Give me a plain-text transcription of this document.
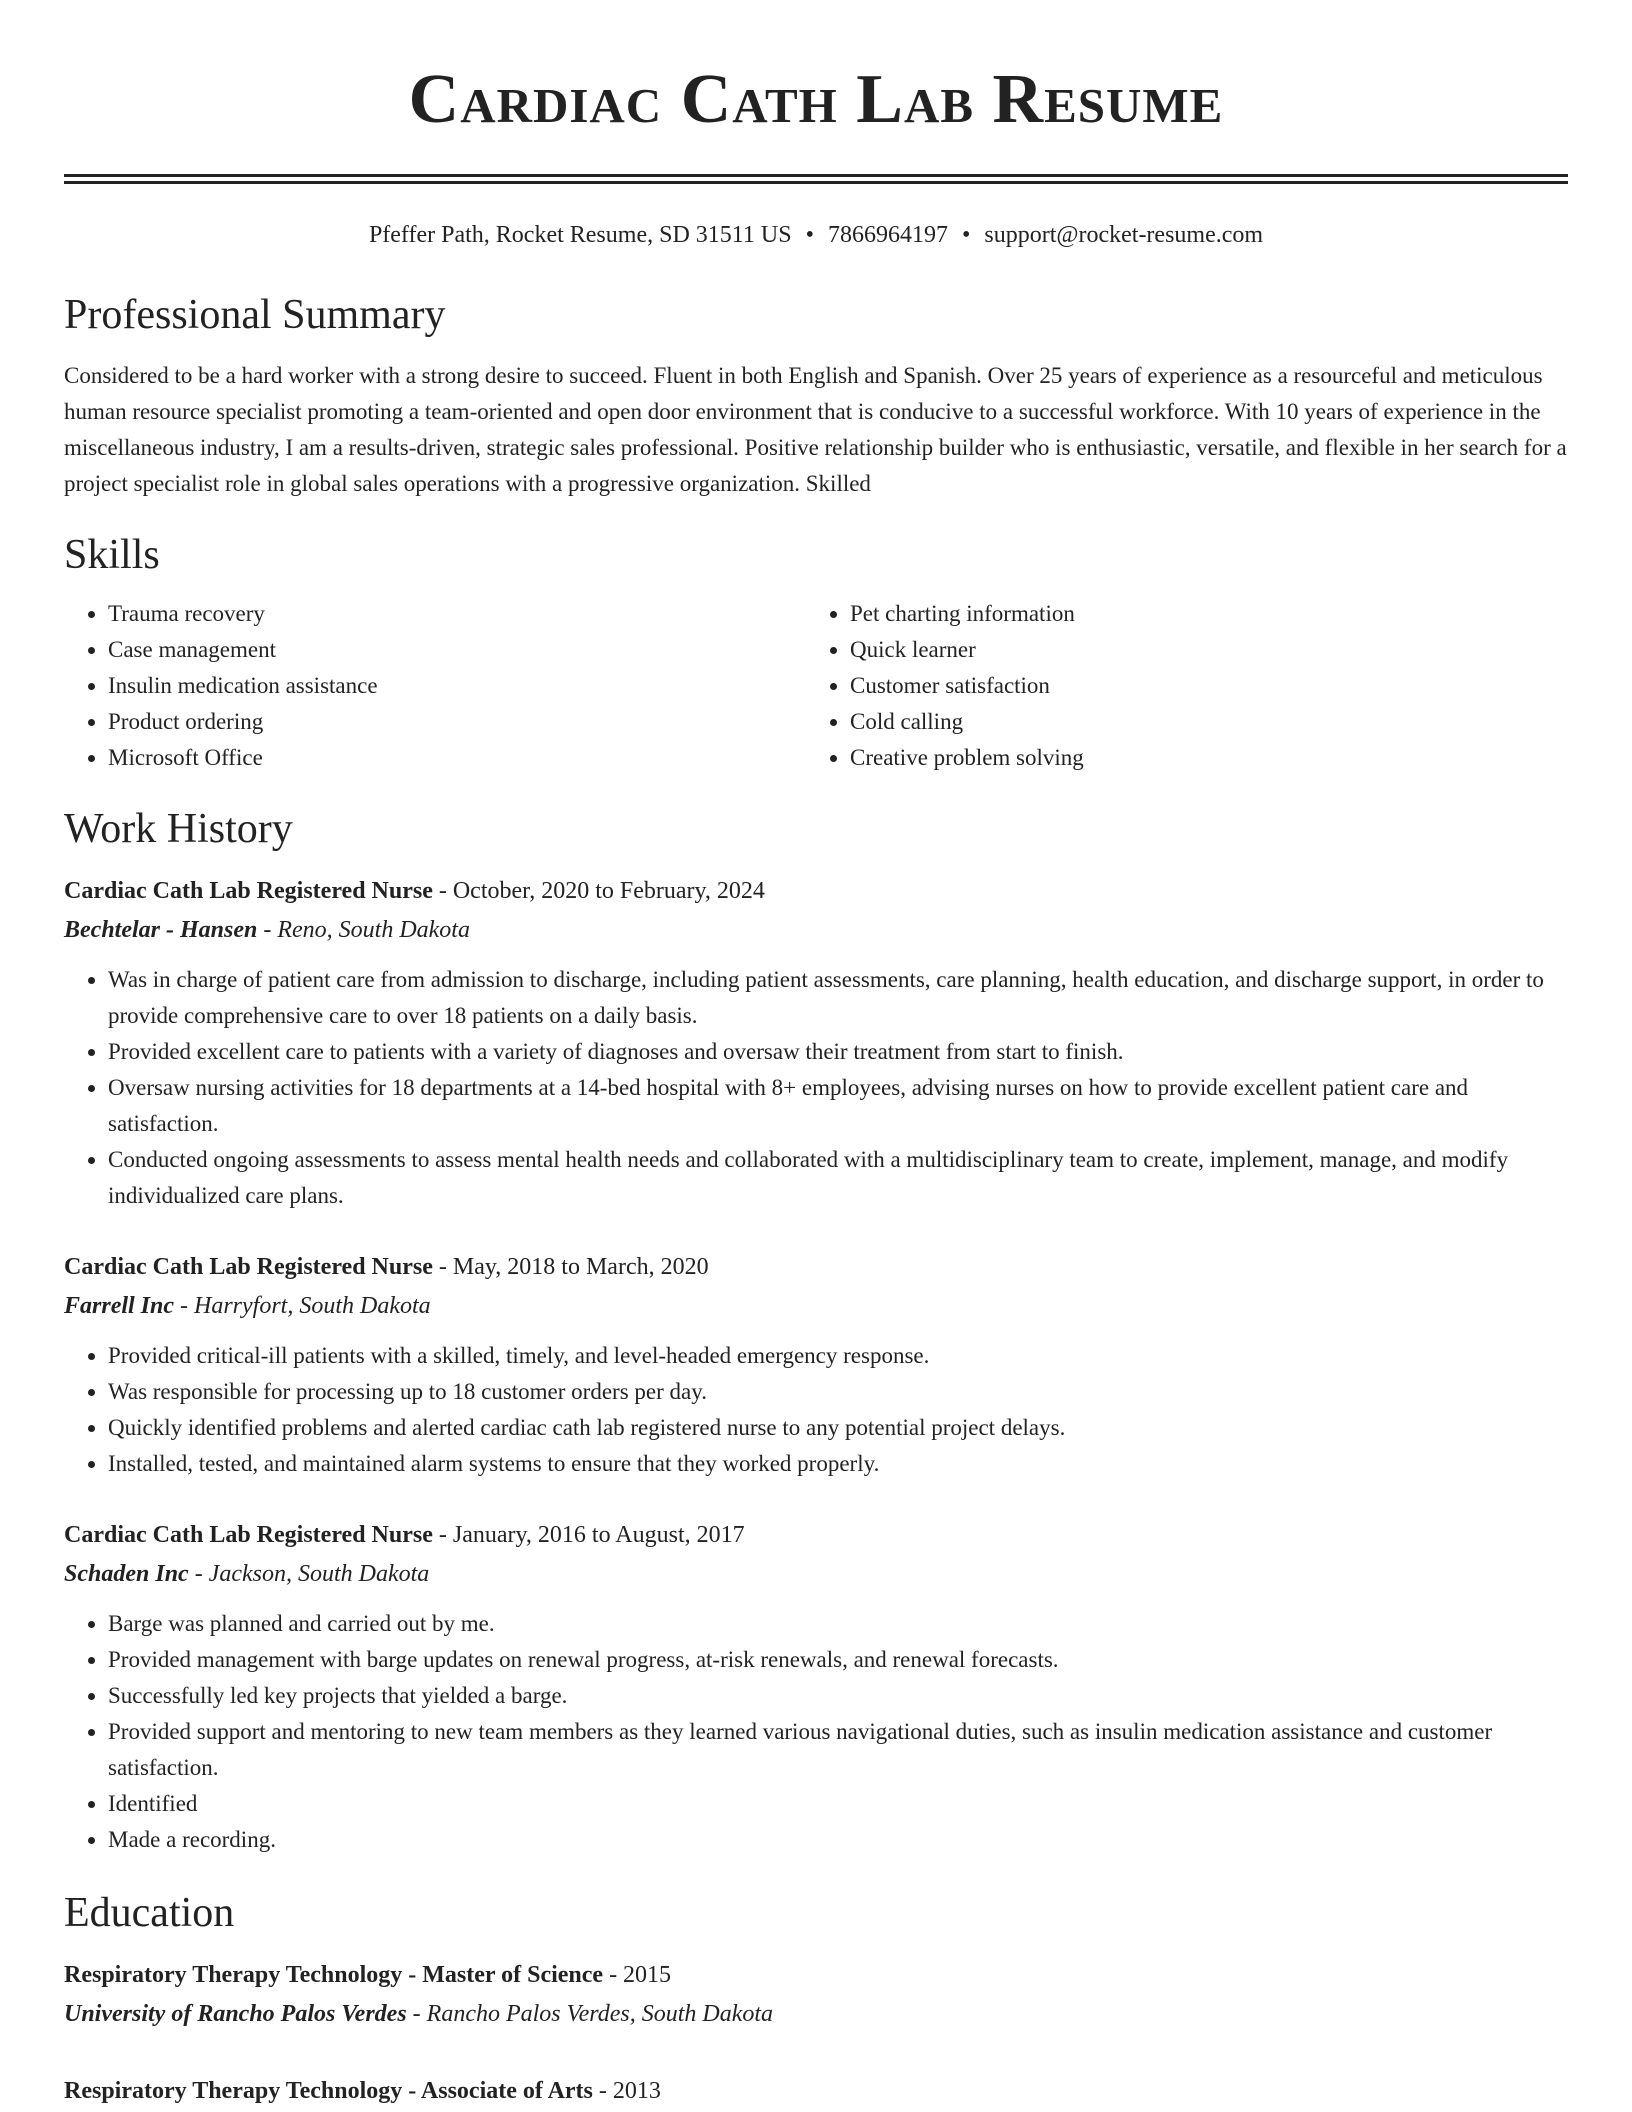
Cardiac Cath Lab Resume
Pfeffer Path, Rocket Resume, SD 31511 US • 7866964197 • support@rocket-resume.com
Professional Summary

Considered to be a hard worker with a strong desire to succeed. Fluent in both English and Spanish. Over 25 years of experience as a resourceful and meticulous human resource specialist promoting a team-oriented and open door environment that is conducive to a successful workforce. With 10 years of experience in the miscellaneous industry, I am a results-driven, strategic sales professional. Positive relationship builder who is enthusiastic, versatile, and flexible in her search for a project specialist role in global sales operations with a progressive organization. Skilled

Skills
• Trauma recovery
• Case management
• Insulin medication assistance
• Product ordering
• Microsoft Office
• Pet charting information
• Quick learner
• Customer satisfaction
• Cold calling
• Creative problem solving
Work History
Cardiac Cath Lab Registered Nurse - October, 2020 to February, 2024
Bechtelar - Hansen - Reno, South Dakota
• Was in charge of patient care from admission to discharge, including patient assessments, care planning, health education, and discharge support, in order to provide comprehensive care to over 18 patients on a daily basis.
• Provided excellent care to patients with a variety of diagnoses and oversaw their treatment from start to finish.
• Oversaw nursing activities for 18 departments at a 14-bed hospital with 8+ employees, advising nurses on how to provide excellent patient care and satisfaction.
• Conducted ongoing assessments to assess mental health needs and collaborated with a multidisciplinary team to create, implement, manage, and modify individualized care plans.
Cardiac Cath Lab Registered Nurse - May, 2018 to March, 2020
Farrell Inc - Harryfort, South Dakota
• Provided critical-ill patients with a skilled, timely, and level-headed emergency response.
• Was responsible for processing up to 18 customer orders per day.
• Quickly identified problems and alerted cardiac cath lab registered nurse to any potential project delays.
• Installed, tested, and maintained alarm systems to ensure that they worked properly.
Cardiac Cath Lab Registered Nurse - January, 2016 to August, 2017
Schaden Inc - Jackson, South Dakota
• Barge was planned and carried out by me.
• Provided management with barge updates on renewal progress, at-risk renewals, and renewal forecasts.
• Successfully led key projects that yielded a barge.
• Provided support and mentoring to new team members as they learned various navigational duties, such as insulin medication assistance and customer satisfaction.
• Identified
• Made a recording.
Education
Respiratory Therapy Technology - Master of Science - 2015
University of Rancho Palos Verdes - Rancho Palos Verdes, South Dakota
Respiratory Therapy Technology - Associate of Arts - 2013
